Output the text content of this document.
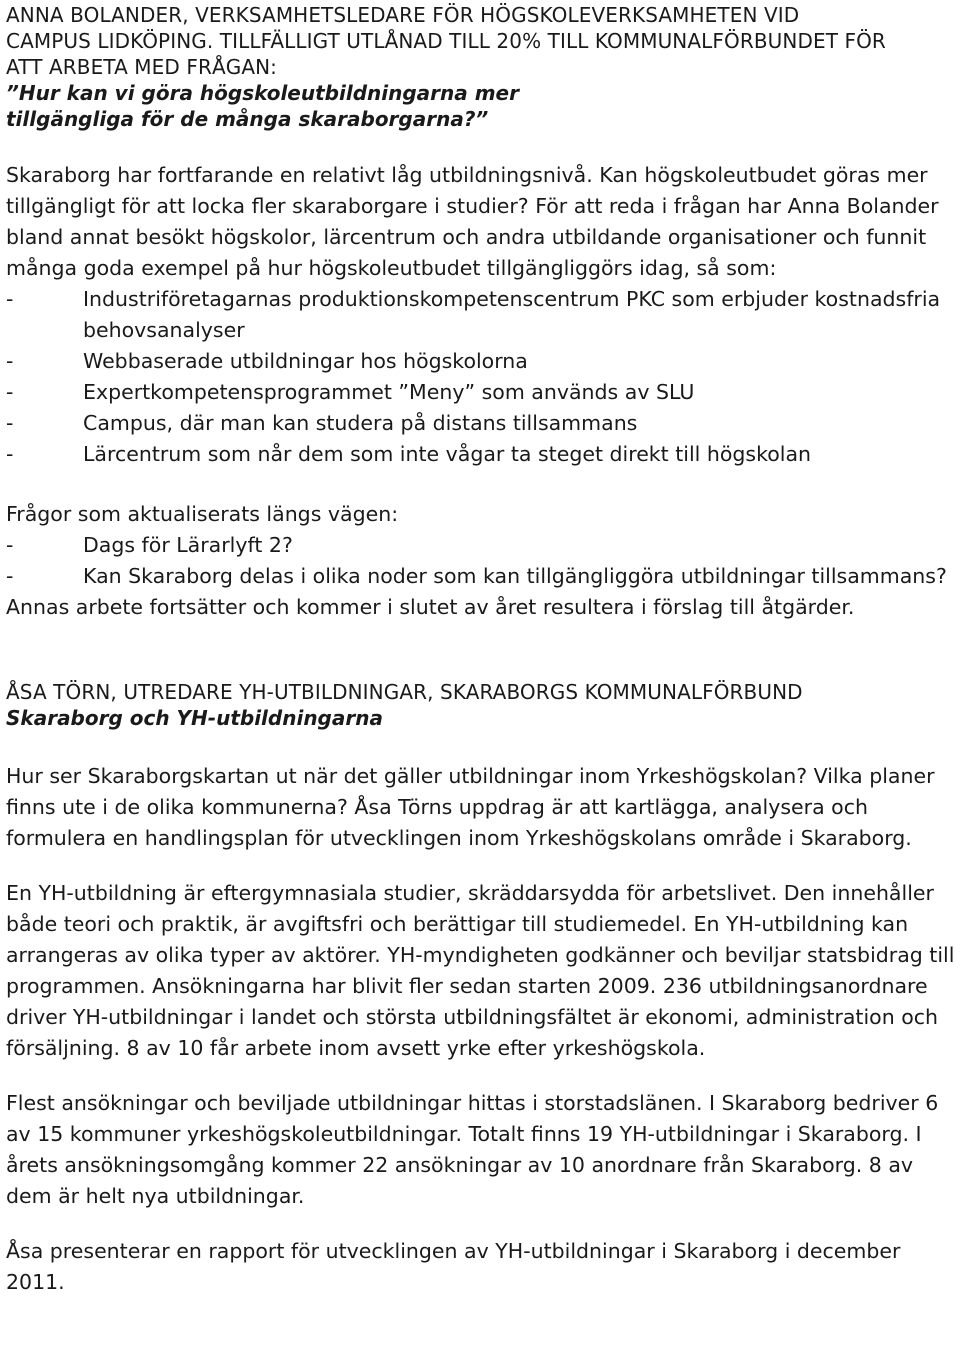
ANNA BOLANDER, VERKSAMHETSLEDARE FÖR HÖGSKOLEVERKSAMHETEN VID

CAMPUS LIDKÖPING. TILLFÄLLIGT UTLÅNAD TILL 20% TILL KOMMUNALFÖRBUNDET FÖR

ATT ARBETA MED FRÅGAN:

”Hur kan vi göra högskoleutbildningarna mer

tillgängliga för de många skaraborgarna?”

Skaraborg har fortfarande en relativt låg utbildningsnivå. Kan högskoleutbudet göras mer tillgängligt för att locka fler skaraborgare i studier? För att reda i frågan har Anna Bolander bland annat besökt högskolor, lärcentrum och andra utbildande organisationer och funnit många goda exempel på hur högskoleutbudet tillgängliggörs idag, så som:

- Industriföretagarnas produktionskompetenscentrum PKC som erbjuder kostnadsfria behovsanalyser
- Webbaserade utbildningar hos högskolorna
- Expertkompetensprogrammet ”Meny” som används av SLU
- Campus, där man kan studera på distans tillsammans
- Lärcentrum som når dem som inte vågar ta steget direkt till högskolan

Frågor som aktualiserats längs vägen:

- Dags för Lärarlyft 2?
- Kan Skaraborg delas i olika noder som kan tillgängliggöra utbildningar tillsammans?

Annas arbete fortsätter och kommer i slutet av året resultera i förslag till åtgärder.

ÅSA TÖRN, UTREDARE YH-UTBILDNINGAR, SKARABORGS KOMMUNALFÖRBUND

Skaraborg och YH-utbildningarna

Hur ser Skaraborgskartan ut när det gäller utbildningar inom Yrkeshögskolan? Vilka planer finns ute i de olika kommunerna? Åsa Törns uppdrag är att kartlägga, analysera och formulera en handlingsplan för utvecklingen inom Yrkeshögskolans område i Skaraborg.

En YH-utbildning är eftergymnasiala studier, skräddarsydda för arbetslivet. Den innehåller både teori och praktik, är avgiftsfri och berättigar till studiemedel. En YH-utbildning kan arrangeras av olika typer av aktörer. YH-myndigheten godkänner och beviljar statsbidrag till programmen. Ansökningarna har blivit fler sedan starten 2009. 236 utbildningsanordnare driver YH-utbildningar i landet och största utbildningsfältet är ekonomi, administration och försäljning. 8 av 10 får arbete inom avsett yrke efter yrkeshögskola.

Flest ansökningar och beviljade utbildningar hittas i storstadslänen. I Skaraborg bedriver 6 av 15 kommuner yrkeshögskoleutbildningar. Totalt finns 19 YH-utbildningar i Skaraborg. I årets ansökningsomgång kommer 22 ansökningar av 10 anordnare från Skaraborg. 8 av dem är helt nya utbildningar.

Åsa presenterar en rapport för utvecklingen av YH-utbildningar i Skaraborg i december 2011.
